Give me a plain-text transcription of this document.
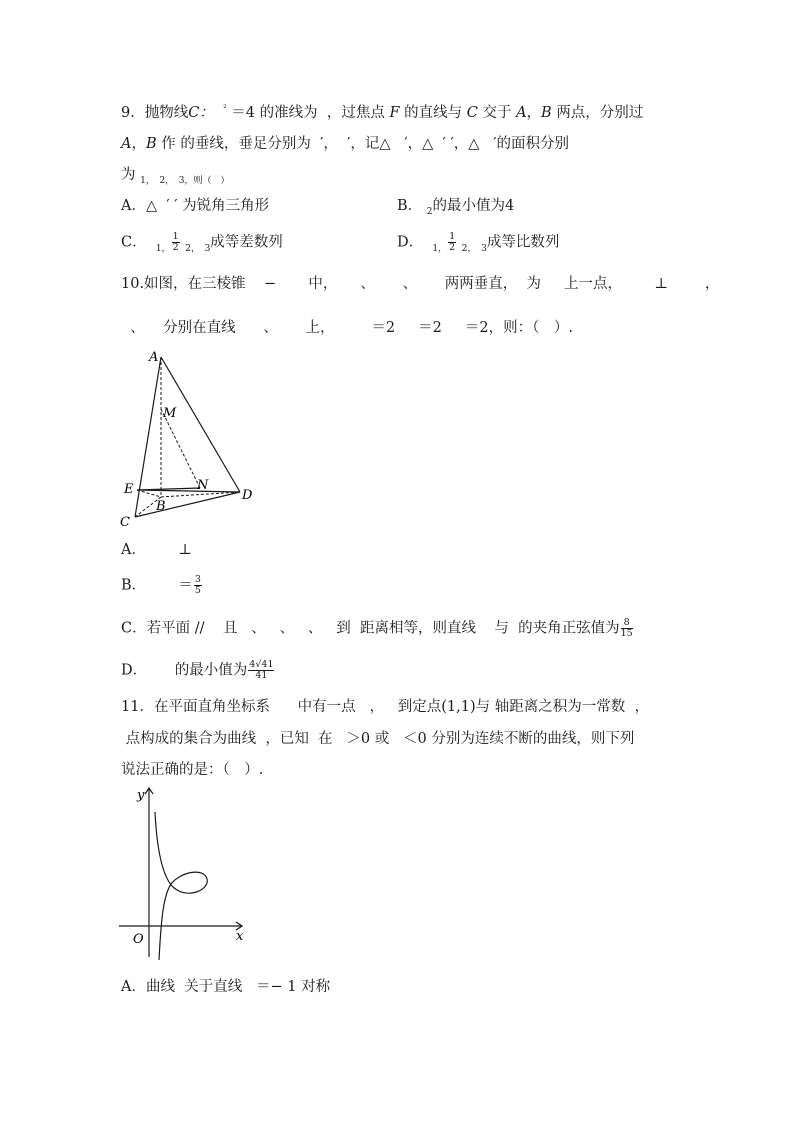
9．抛物线C： $^{^2}$ ＝4 的准线为 ，过焦点 F 的直线与 C 交于 A，B 两点，分别过
A，B 作 的垂线，垂足分别为 ′， ′，记△ ′，△ ′ ′，△ ′的面积分别
为 $_{1,}$ $_{2,}$ $_{3,则( )}$
A．△ ′ ′ 为锐角三角形	B． $_2$的最小值为4
C． $_{1,} \frac{1}{2} _{2,}$ $_3$成等差数列	D． $_{1,} \frac{1}{2} _{2,}$ $_3$成等比数列
10.如图，在三棱锥 − 中， 、 、 两两垂直， 为 上一点， ⊥	，
、 分别在直线 、 上，	＝2 ＝2 ＝2，则：（　）.
A
M
E	N
D
B
C
A． ⊥
B． ＝ $\frac{3}{5}$
C．若平面 // 且 、 、 、 到 距离相等，则直线 与 的夹角正弦值为 $\frac{8}{15}$
D． 的最小值为 $\frac{4√41}{41}$
11．在平面直角坐标系 中有一点 ， 到定点(1,1)与 轴距离之积为一常数 ，
点构成的集合为曲线 ，已知 在 ＞0 或 ＜0 分别为连续不断的曲线，则下列
说法正确的是：（　）.
y
O	x
A．曲线 关于直线 ＝− 1 对称
